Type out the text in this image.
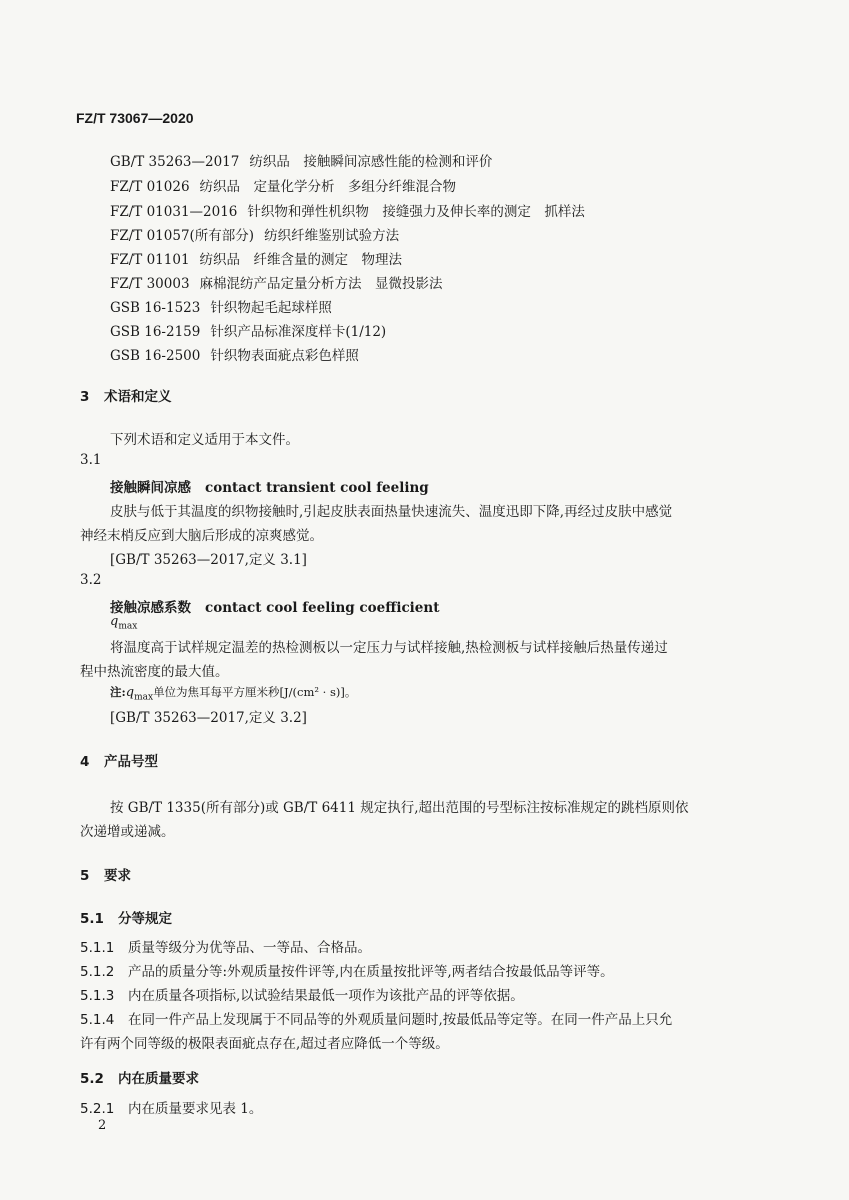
FZ/T 73067—2020
GB/T 35263—2017 纺织品　接触瞬间凉感性能的检测和评价
FZ/T 01026 纺织品　定量化学分析　多组分纤维混合物
FZ/T 01031—2016 针织物和弹性机织物　接缝强力及伸长率的测定　抓样法
FZ/T 01057(所有部分) 纺织纤维鉴别试验方法
FZ/T 01101 纺织品　纤维含量的测定　物理法
FZ/T 30003 麻棉混纺产品定量分析方法　显微投影法
GSB 16-1523 针织物起毛起球样照
GSB 16-2159 针织产品标准深度样卡(1/12)
GSB 16-2500 针织物表面疵点彩色样照
3 术语和定义
下列术语和定义适用于本文件。
3.1
接触瞬间凉感 contact transient cool feeling
皮肤与低于其温度的织物接触时,引起皮肤表面热量快速流失、温度迅即下降,再经过皮肤中感觉
神经末梢反应到大脑后形成的凉爽感觉。
[GB/T 35263—2017,定义 3.1]
3.2
接触凉感系数 contact cool feeling coefficient
$q_{max}$
将温度高于试样规定温差的热检测板以一定压力与试样接触,热检测板与试样接触后热量传递过
程中热流密度的最大值。
注$:q_{max}$单位为焦耳每平方厘米秒[J/(cm² · s)]。
[GB/T 35263—2017,定义 3.2]
4 产品号型
按 GB/T 1335(所有部分)或 GB/T 6411 规定执行,超出范围的号型标注按标准规定的跳档原则依
次递增或递减。
5 要求
5.1 分等规定
5.1.1 质量等级分为优等品、一等品、合格品。
5.1.2 产品的质量分等:外观质量按件评等,内在质量按批评等,两者结合按最低品等评等。
5.1.3 内在质量各项指标,以试验结果最低一项作为该批产品的评等依据。
5.1.4 在同一件产品上发现属于不同品等的外观质量问题时,按最低品等定等。在同一件产品上只允
许有两个同等级的极限表面疵点存在,超过者应降低一个等级。
5.2 内在质量要求
5.2.1 内在质量要求见表 1。
2
